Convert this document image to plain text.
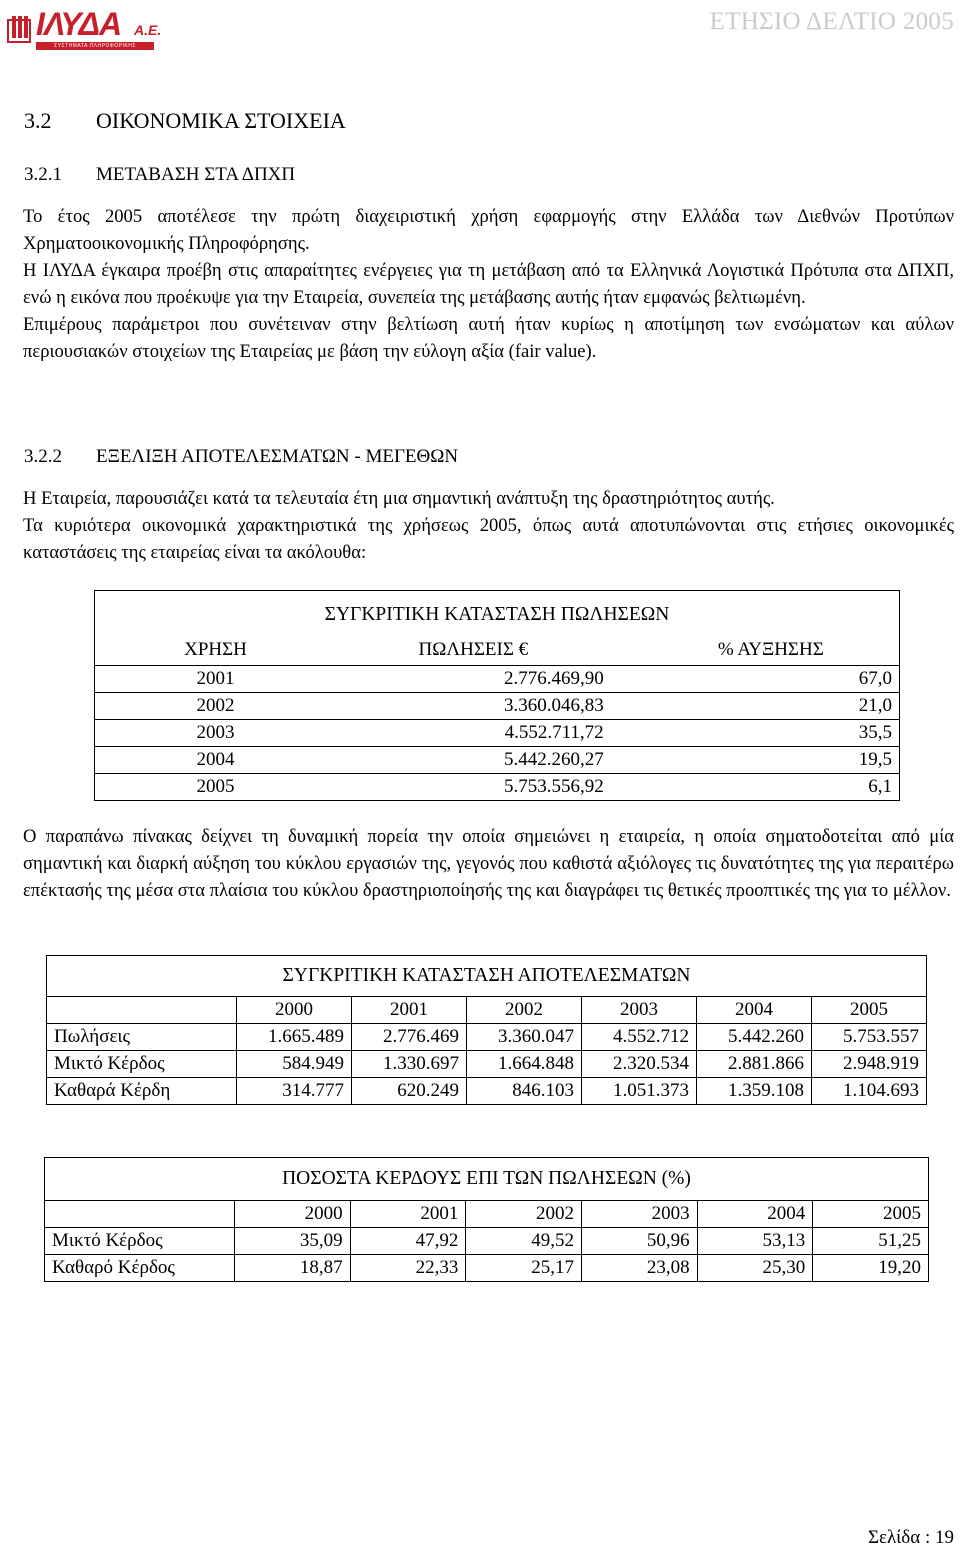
ΙΛΥΔΑ Α.Ε.
ΣΥΣΤΗΜΑΤΑ ΠΛΗΡΟΦΟΡΙΚΗΣ
ΕΤΗΣΙΟ ΔΕΛΤΙΟ 2005
3.2 ΟΙΚΟΝΟΜΙΚΑ ΣΤΟΙΧΕΙΑ
3.2.1 ΜΕΤΑΒΑΣΗ ΣΤΑ ΔΠΧΠ

Το έτος 2005 αποτέλεσε την πρώτη διαχειριστική χρήση εφαρμογής στην Ελλάδα των Διεθνών Προτύπων Χρηματοοικονομικής Πληροφόρησης.

Η ΙΛΥΔΑ έγκαιρα προέβη στις απαραίτητες ενέργειες για τη μετάβαση από τα Ελληνικά Λογιστικά Πρότυπα στα ΔΠΧΠ, ενώ η εικόνα που προέκυψε για την Εταιρεία, συνεπεία της μετάβασης αυτής ήταν εμφανώς βελτιωμένη.

Επιμέρους παράμετροι που συνέτειναν στην βελτίωση αυτή ήταν κυρίως η αποτίμηση των ενσώματων και αύλων περιουσιακών στοιχείων της Εταιρείας με βάση την εύλογη αξία (fair value).

3.2.2 ΕΞΕΛΙΞΗ ΑΠΟΤΕΛΕΣΜΑΤΩΝ - ΜΕΓΕΘΩΝ

Η Εταιρεία, παρουσιάζει κατά τα τελευταία έτη μια σημαντική ανάπτυξη της δραστηριότητος αυτής.

Τα κυριότερα οικονομικά χαρακτηριστικά της χρήσεως 2005, όπως αυτά αποτυπώνονται στις ετήσιες οικονομικές καταστάσεις της εταιρείας είναι τα ακόλουθα:

ΣΥΓΚΡΙΤΙΚΗ ΚΑΤΑΣΤΑΣΗ ΠΩΛΗΣΕΩΝ		
ΧΡΗΣΗ	ΠΩΛΗΣΕΙΣ €	% ΑΥΞΗΣΗΣ
2001	2.776.469,90	67,0
2002	3.360.046,83	21,0
2003	4.552.711,72	35,5
2004	5.442.260,27	19,5
2005	5.753.556,92	6,1

Ο παραπάνω πίνακας δείχνει τη δυναμική πορεία την οποία σημειώνει η εταιρεία, η οποία σηματοδοτείται από μία σημαντική και διαρκή αύξηση του κύκλου εργασιών της, γεγονός που καθιστά αξιόλογες τις δυνατότητες της για περαιτέρω επέκτασής της μέσα στα πλαίσια του κύκλου δραστηριοποίησής της και διαγράφει τις θετικές προοπτικές της για το μέλλον.

ΣΥΓΚΡΙΤΙΚΗ ΚΑΤΑΣΤΑΣΗ ΑΠΟΤΕΛΕΣΜΑΤΩΝ						
	2000	2001	2002	2003	2004	2005
Πωλήσεις	1.665.489	2.776.469	3.360.047	4.552.712	5.442.260	5.753.557
Μικτό Κέρδος	584.949	1.330.697	1.664.848	2.320.534	2.881.866	2.948.919
Καθαρά Κέρδη	314.777	620.249	846.103	1.051.373	1.359.108	1.104.693
ΠΟΣΟΣΤΑ ΚΕΡΔΟΥΣ ΕΠΙ ΤΩΝ ΠΩΛΗΣΕΩΝ (%)						
	2000	2001	2002	2003	2004	2005
Μικτό Κέρδος	35,09	47,92	49,52	50,96	53,13	51,25
Καθαρό Κέρδος	18,87	22,33	25,17	23,08	25,30	19,20
Σελίδα : 19
